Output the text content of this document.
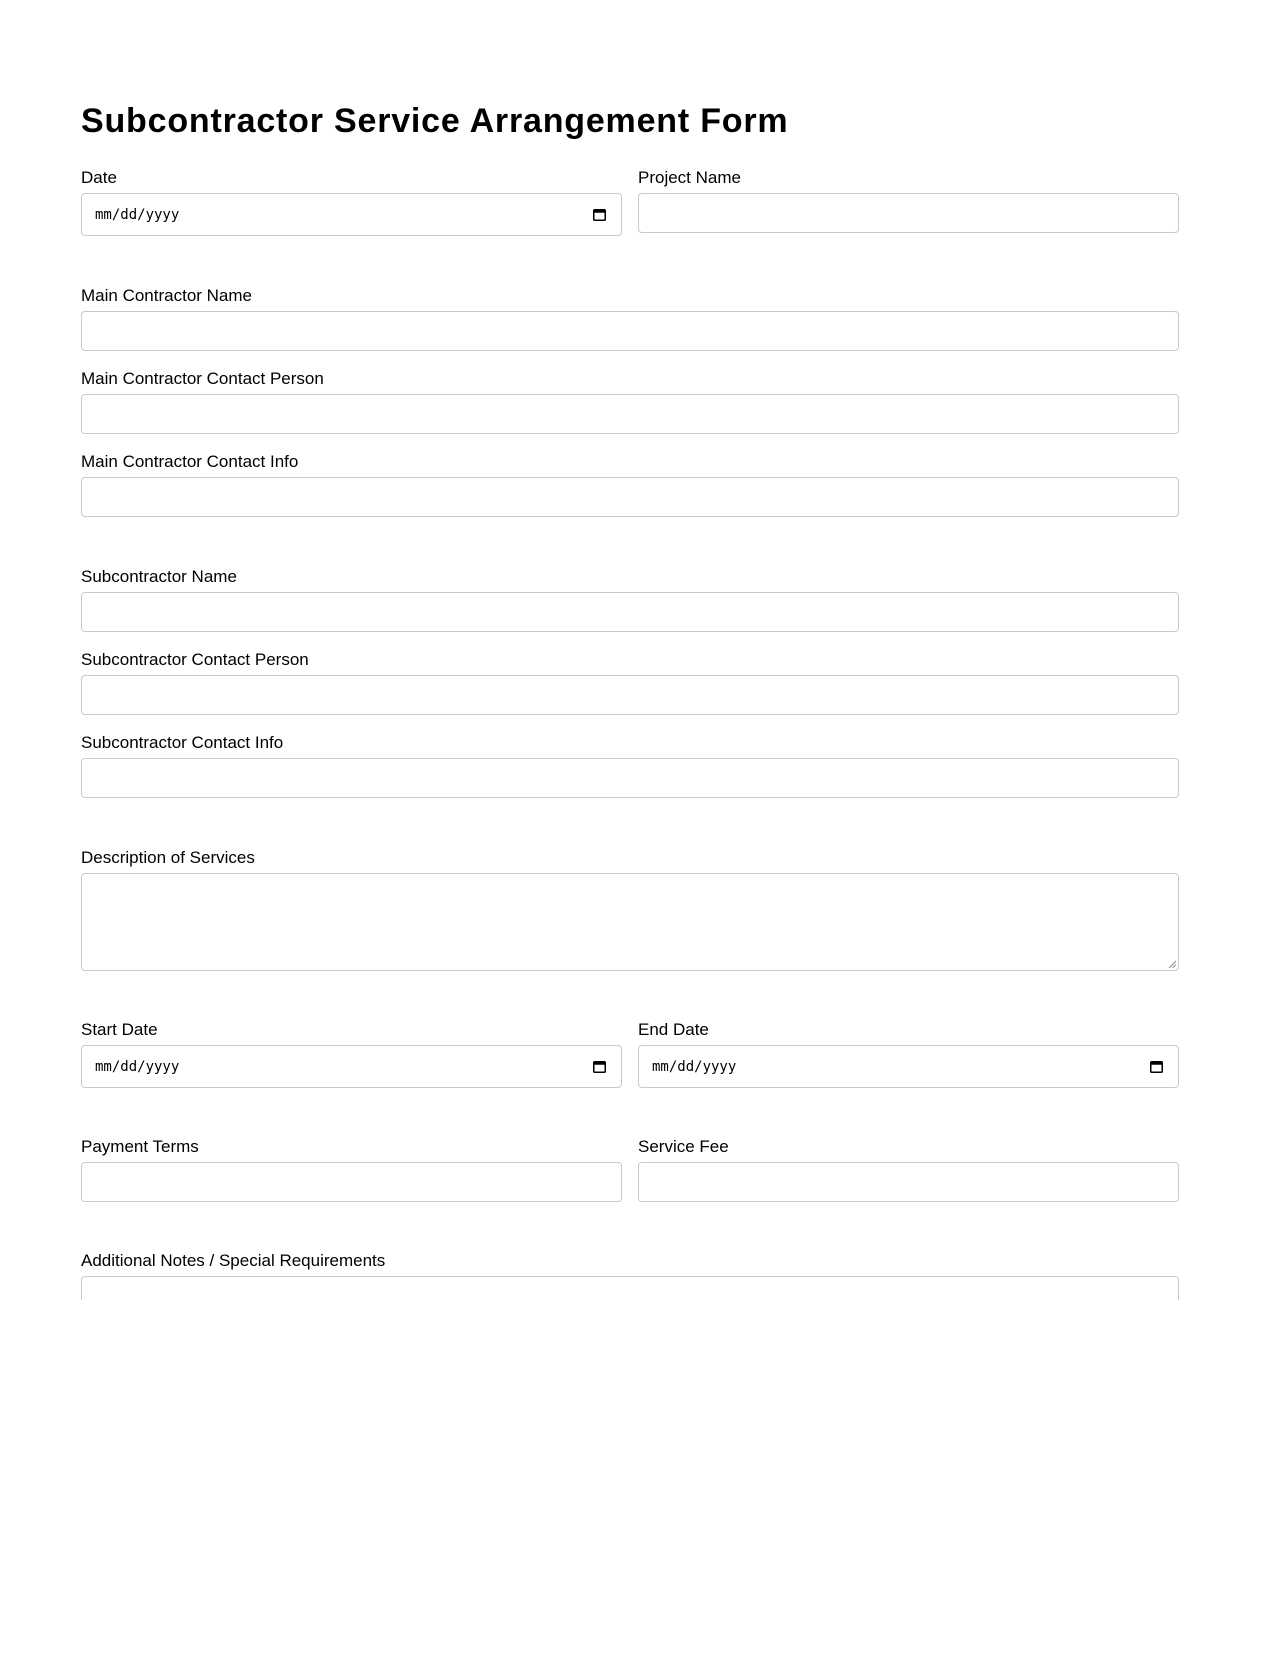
Subcontractor Service Arrangement Form
Date
mm/dd/yyyy
Project Name
Main Contractor Name
Main Contractor Contact Person
Main Contractor Contact Info
Subcontractor Name
Subcontractor Contact Person
Subcontractor Contact Info
Description of Services
Start Date
mm/dd/yyyy
End Date
mm/dd/yyyy
Payment Terms	Service Fee
Additional Notes / Special Requirements
